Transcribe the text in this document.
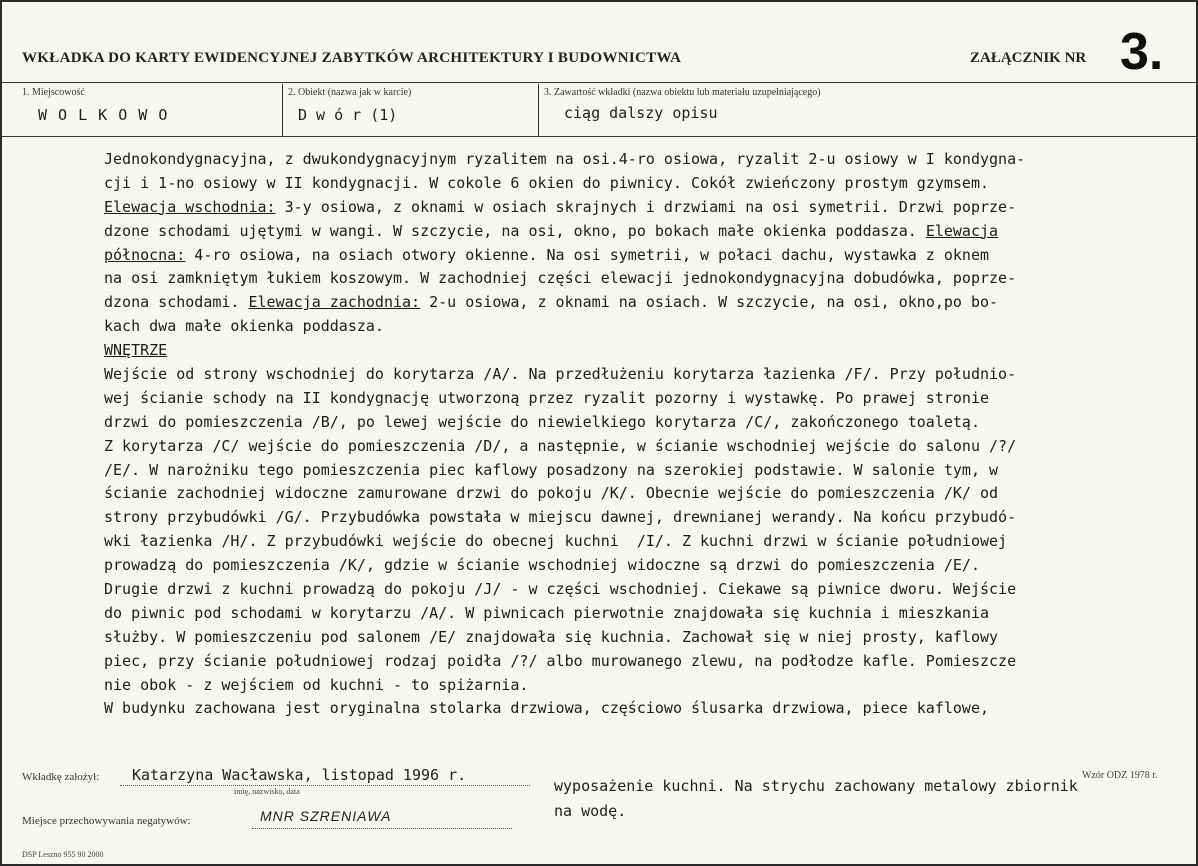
WKŁADKA DO KARTY EWIDENCYJNEJ ZABYTKÓW ARCHITEKTURY I BUDOWNICTWA	ZAŁĄCZNIK NR 3.
1. Miejscowość
W O L K O W O
2. Obiekt (nazwa jak w karcie)
D w ó r (1)
3. Zawartość wkładki (nazwa obiektu lub materiału uzupełniającego)
ciąg dalszy opisu
Jednokondygnacyjna, z dwukondygnacyjnym ryzalitem na osi.4-ro osiowa, ryzalit 2-u osiowy w I kondygna-
cji i 1-no osiowy w II kondygnacji. W cokole 6 okien do piwnicy. Cokół zwieńczony prostym gzymsem.
Elewacja wschodnia: 3-y osiowa, z oknami w osiach skrajnych i drzwiami na osi symetrii. Drzwi poprze-
dzone schodami ujętymi w wangi. W szczycie, na osi, okno, po bokach małe okienka poddasza. Elewacja
północna: 4-ro osiowa, na osiach otwory okienne. Na osi symetrii, w połaci dachu, wystawka z oknem
na osi zamkniętym łukiem koszowym. W zachodniej części elewacji jednokondygnacyjna dobudówka, poprze-
dzona schodami. Elewacja zachodnia: 2-u osiowa, z oknami na osiach. W szczycie, na osi, okno,po bo-
kach dwa małe okienka poddasza.
WNĘTRZE
Wejście od strony wschodniej do korytarza /A/. Na przedłużeniu korytarza łazienka /F/. Przy południo-
wej ścianie schody na II kondygnację utworzoną przez ryzalit pozorny i wystawkę. Po prawej stronie
drzwi do pomieszczenia /B/, po lewej wejście do niewielkiego korytarza /C/, zakończonego toaletą.
Z korytarza /C/ wejście do pomieszczenia /D/, a następnie, w ścianie wschodniej wejście do salonu /?/
/E/. W narożniku tego pomieszczenia piec kaflowy posadzony na szerokiej podstawie. W salonie tym, w
ścianie zachodniej widoczne zamurowane drzwi do pokoju /K/. Obecnie wejście do pomieszczenia /K/ od
strony przybudówki /G/. Przybudówka powstała w miejscu dawnej, drewnianej werandy. Na końcu przybudó-
wki łazienka /H/. Z przybudówki wejście do obecnej kuchni  /I/. Z kuchni drzwi w ścianie południowej
prowadzą do pomieszczenia /K/, gdzie w ścianie wschodniej widoczne są drzwi do pomieszczenia /E/.
Drugie drzwi z kuchni prowadzą do pokoju /J/ - w części wschodniej. Ciekawe są piwnice dworu. Wejście
do piwnic pod schodami w korytarzu /A/. W piwnicach pierwotnie znajdowała się kuchnia i mieszkania
służby. W pomieszczeniu pod salonem /E/ znajdowała się kuchnia. Zachował się w niej prosty, kaflowy
piec, przy ścianie południowej rodzaj poidła /?/ albo murowanego zlewu, na podłodze kafle. Pomieszcze
nie obok - z wejściem od kuchni - to spiżarnia.
W budynku zachowana jest oryginalna stolarka drzwiowa, częściowo ślusarka drzwiowa, piece kaflowe,
wyposażenie kuchni. Na strychu zachowany metalowy zbiornik
na wodę.
Wkładkę założył: Katarzyna Wacławska, listopad 1996 r.
imię, nazwisko, data
Wzór ODZ 1978 r.
Miejsce przechowywania negatywów:	MNR SZRENIAWA
DSP Leszno 955 90 2000
